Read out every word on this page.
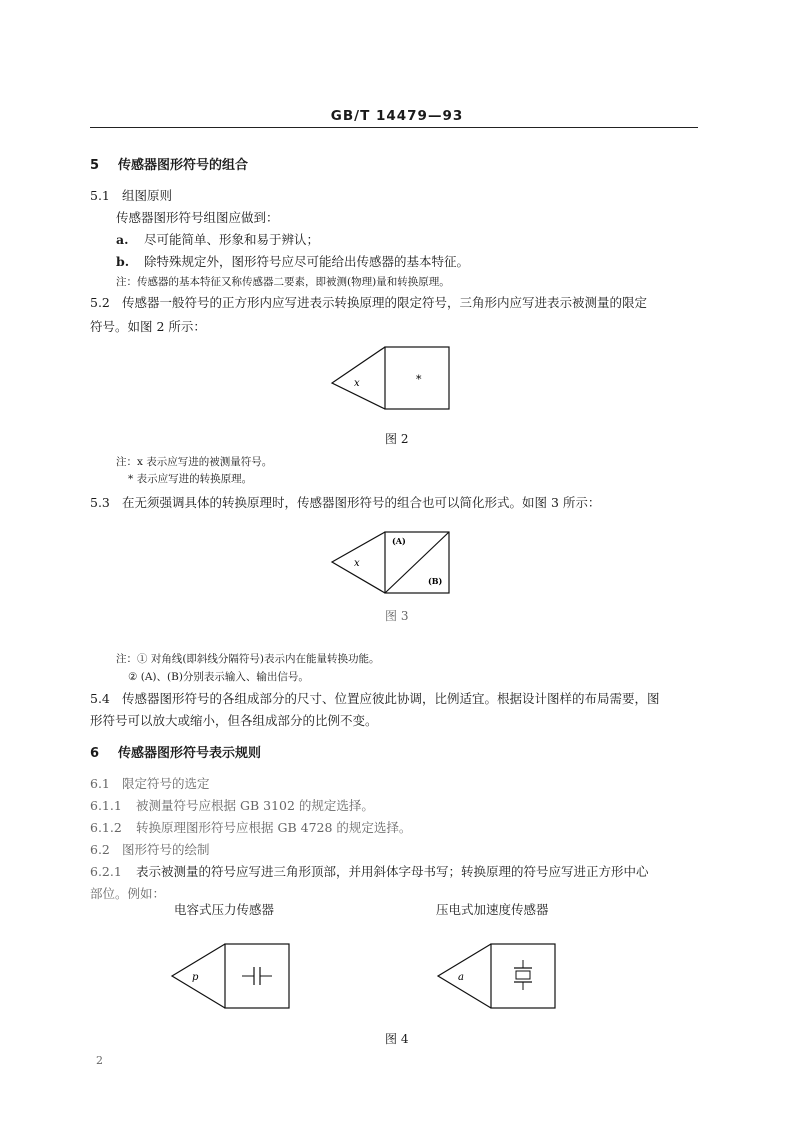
GB/T 14479—93
5 传感器图形符号的组合
5.1 组图原则
传感器图形符号组图应做到：
a. 尽可能简单、形象和易于辨认；
b. 除特殊规定外，图形符号应尽可能给出传感器的基本特征。
注：传感器的基本特征又称传感器二要素，即被测(物理)量和转换原理。
5.2 传感器一般符号的正方形内应写进表示转换原理的限定符号，三角形内应写进表示被测量的限定
符号。如图 2 所示：
x	*
图 2
注：x 表示应写进的被测量符号。
* 表示应写进的转换原理。
5.3 在无须强调具体的转换原理时，传感器图形符号的组合也可以简化形式。如图 3 所示：
x
(A)
(B)
图 3
注：① 对角线(即斜线分隔符号)表示内在能量转换功能。
② (A)、(B)分别表示输入、输出信号。
5.4 传感器图形符号的各组成部分的尺寸、位置应彼此协调，比例适宜。根据设计图样的布局需要，图
形符号可以放大或缩小，但各组成部分的比例不变。
6 传感器图形符号表示规则
6.1 限定符号的选定
6.1.1 被测量符号应根据 GB 3102 的规定选择。
6.1.2 转换原理图形符号应根据 GB 4728 的规定选择。
6.2 图形符号的绘制
6.2.1 表示被测量的符号应写进三角形顶部，并用斜体字母书写；转换原理的符号应写进正方形中心
部位。例如：
电容式压力传感器	压电式加速度传感器
p	a
图 4
2
